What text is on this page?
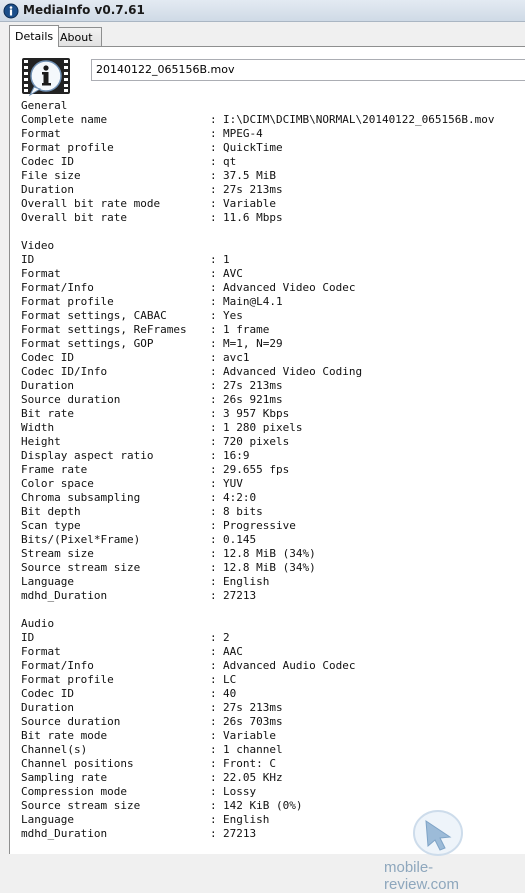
MediaInfo v0.7.61
Details About
20140122_065156B.mov
General
Complete name	: I:\DCIM\DCIMB\NORMAL\20140122_065156B.mov
Format	: MPEG-4
Format profile	: QuickTime
Codec ID	: qt
File size	: 37.5 MiB
Duration	: 27s 213ms
Overall bit rate mode	: Variable
Overall bit rate	: 11.6 Mbps
Video
ID	: 1
Format	: AVC
Format/Info	: Advanced Video Codec
Format profile	: Main@L4.1
Format settings, CABAC	: Yes
Format settings, ReFrames : 1 frame
Format settings, GOP	: M=1, N=29
Codec ID	: avc1
Codec ID/Info	: Advanced Video Coding
Duration	: 27s 213ms
Source duration	: 26s 921ms
Bit rate	: 3 957 Kbps
Width	: 1 280 pixels
Height	: 720 pixels
Display aspect ratio	: 16:9
Frame rate	: 29.655 fps
Color space	: YUV
Chroma subsampling	: 4:2:0
Bit depth	: 8 bits
Scan type	: Progressive
Bits/(Pixel*Frame)	: 0.145
Stream size	: 12.8 MiB (34%)
Source stream size	: 12.8 MiB (34%)
Language	: English
mdhd_Duration	: 27213
Audio
ID	: 2
Format	: AAC
Format/Info	: Advanced Audio Codec
Format profile	: LC
Codec ID	: 40
Duration	: 27s 213ms
Source duration	: 26s 703ms
Bit rate mode	: Variable
Channel(s)	: 1 channel
Channel positions	: Front: C
Sampling rate	: 22.05 KHz
Compression mode	: Lossy
Source stream size	: 142 KiB (0%)
Language	: English
mdhd_Duration	: 27213
mobile-review.com
